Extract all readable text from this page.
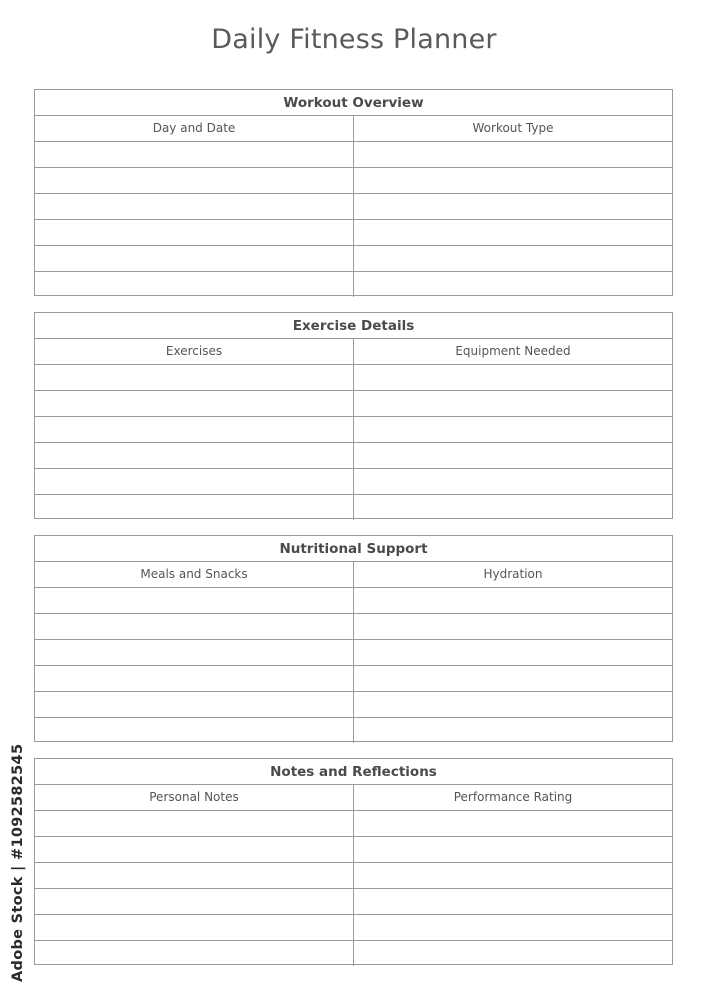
Daily Fitness Planner
Workout Overview
Day and Date	Workout Type
Exercise Details
Exercises	Equipment Needed
Nutritional Support
Meals and Snacks	Hydration
Notes and Reflections
Personal Notes	Performance Rating
Adobe Stock | #1092582545
